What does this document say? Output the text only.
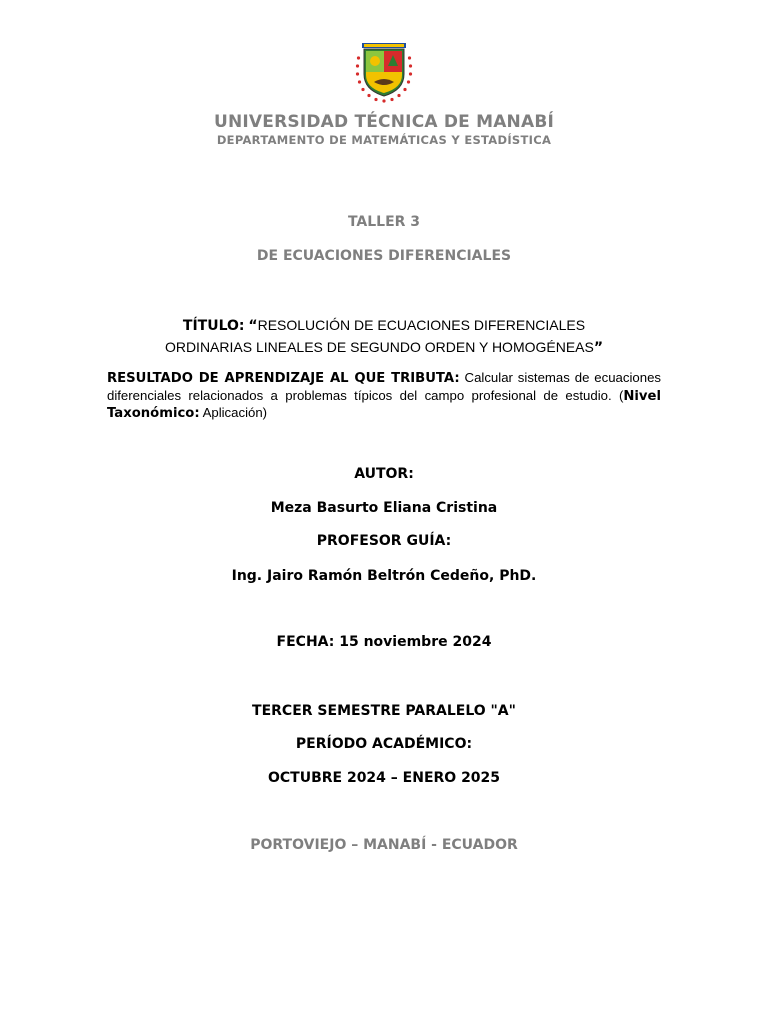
UNIVERSIDAD TÉCNICA DE MANABÍ
DEPARTAMENTO DE MATEMÁTICAS Y ESTADÍSTICA
TALLER 3
DE ECUACIONES DIFERENCIALES
TÍTULO: “RESOLUCIÓN DE ECUACIONES DIFERENCIALES ORDINARIAS LINEALES DE SEGUNDO ORDEN Y HOMOGÉNEAS”
RESULTADO DE APRENDIZAJE AL QUE TRIBUTA: Calcular sistemas de ecuaciones diferenciales relacionados a problemas típicos del campo profesional de estudio. (Nivel Taxonómico: Aplicación)
AUTOR:
Meza Basurto Eliana Cristina
PROFESOR GUÍA:
Ing. Jairo Ramón Beltrón Cedeño, PhD.
FECHA: 15 noviembre 2024
TERCER SEMESTRE PARALELO "A"
PERÍODO ACADÉMICO:
OCTUBRE 2024 – ENERO 2025
PORTOVIEJO – MANABÍ - ECUADOR
